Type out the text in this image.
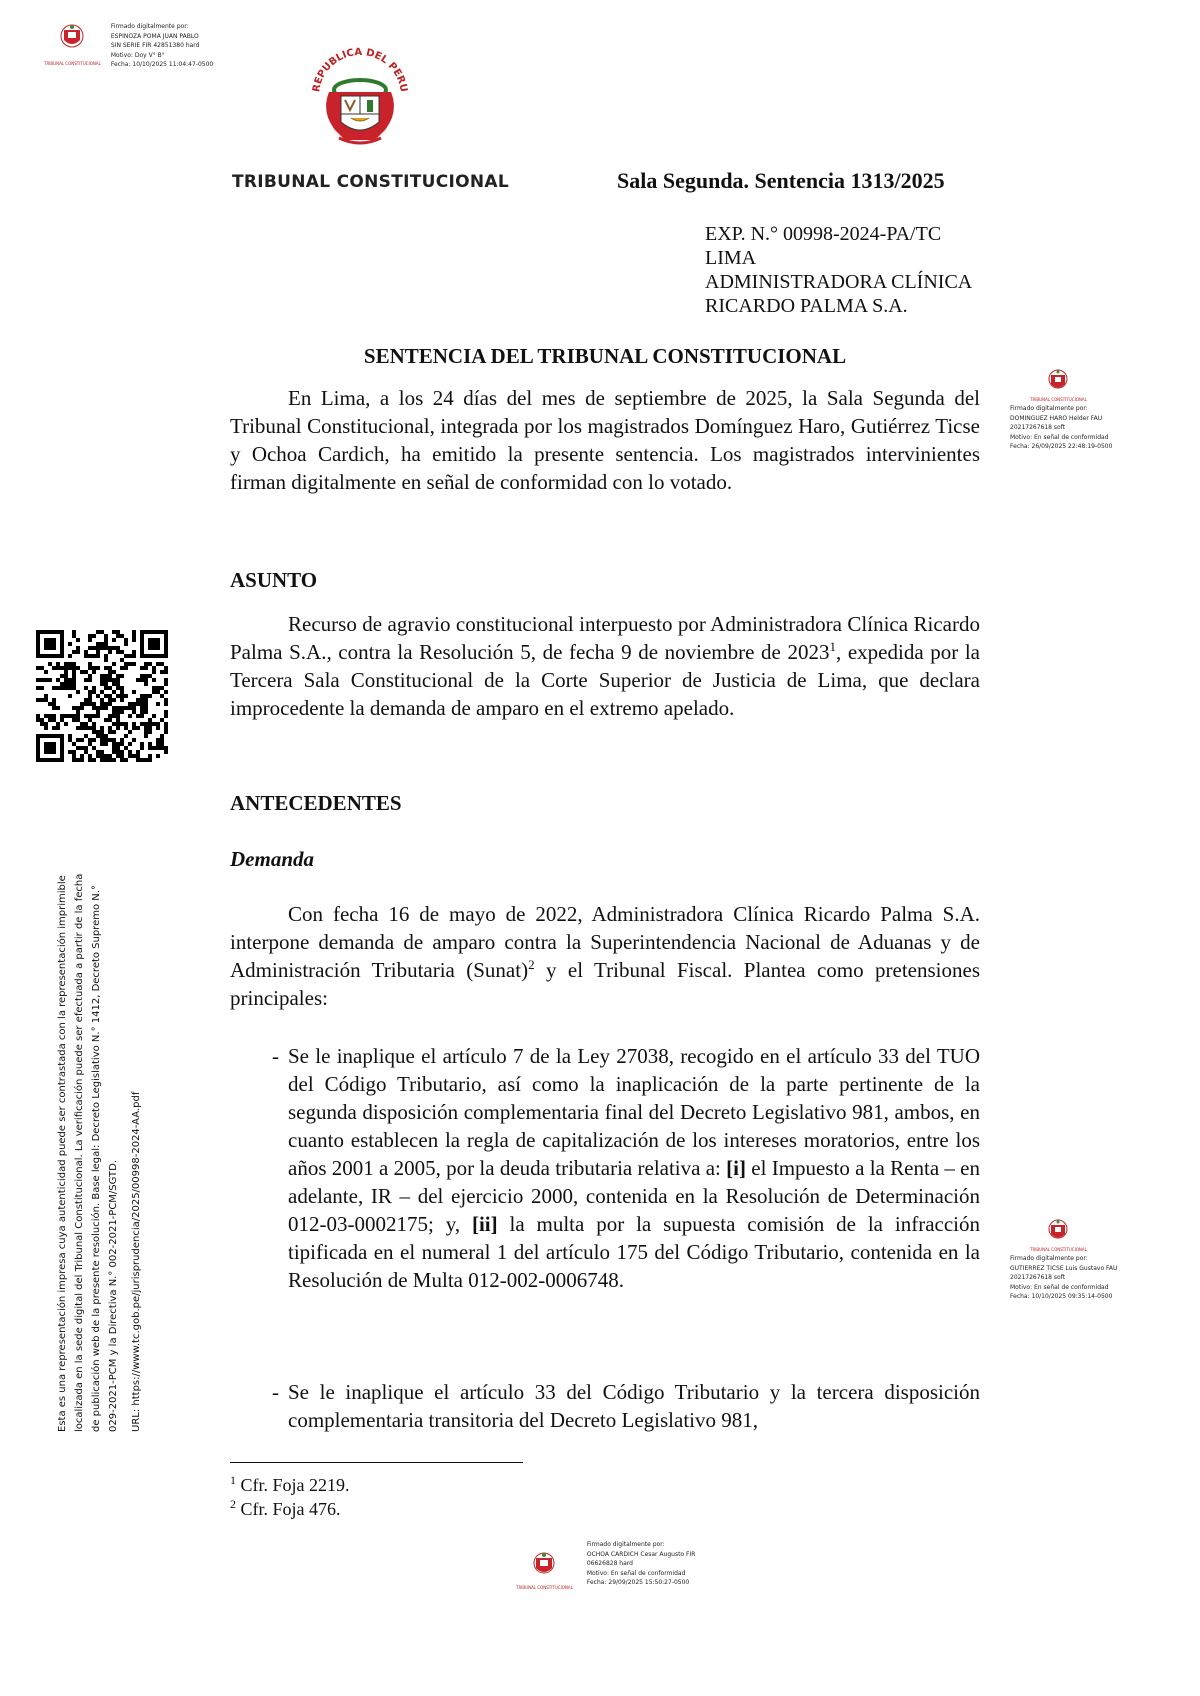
TRIBUNAL CONSTITUCIONAL
Firmado digitalmente por:
ESPINOZA POMA JUAN PABLO
SIN SERIE FIR 42851380 hard
Motivo: Doy V° B°
Fecha: 10/10/2025 11:04:47-0500
REPUBLICA DEL PERU
TRIBUNAL CONSTITUCIONAL	Sala Segunda. Sentencia 1313/2025
EXP. N.° 00998-2024-PA/TC
LIMA
ADMINISTRADORA CLÍNICA
RICARDO PALMA S.A.
SENTENCIA DEL TRIBUNAL CONSTITUCIONAL

En Lima, a los 24 días del mes de septiembre de 2025, la Sala Segunda del Tribunal Constitucional, integrada por los magistrados Domínguez Haro, Gutiérrez Ticse y Ochoa Cardich, ha emitido la presente sentencia. Los magistrados intervinientes firman digitalmente en señal de conformidad con lo votado.

ASUNTO

Recurso de agravio constitucional interpuesto por Administradora Clínica Ricardo Palma S.A., contra la Resolución 5, de fecha 9 de noviembre de 2023$^1$, expedida por la Tercera Sala Constitucional de la Corte Superior de Justicia de Lima, que declara improcedente la demanda de amparo en el extremo apelado.

ANTECEDENTES
Demanda

Con fecha 16 de mayo de 2022, Administradora Clínica Ricardo Palma S.A. interpone demanda de amparo contra la Superintendencia Nacional de Aduanas y de Administración Tributaria (Sunat)$^2$ y el Tribunal Fiscal. Plantea como pretensiones principales:

- Se le inaplique el artículo 7 de la Ley 27038, recogido en el artículo 33 del TUO del Código Tributario, así como la inaplicación de la parte pertinente de la segunda disposición complementaria final del Decreto Legislativo 981, ambos, en cuanto establecen la regla de capitalización de los intereses moratorios, entre los años 2001 a 2005, por la deuda tributaria relativa a: [i] el Impuesto a la Renta – en adelante, IR – del ejercicio 2000, contenida en la Resolución de Determinación 012-03-0002175; y, [ii] la multa por la supuesta comisión de la infracción tipificada en el numeral 1 del artículo 175 del Código Tributario, contenida en la Resolución de Multa 012-002-0006748.
- Se le inaplique el artículo 33 del Código Tributario y la tercera disposición complementaria transitoria del Decreto Legislativo 981,
$^1$ Cfr. Foja 2219.
$^2$ Cfr. Foja 476.
TRIBUNAL CONSTITUCIONAL
Firmado digitalmente por:
DOMINGUEZ HARO Helder FAU
20217267618 soft
Motivo: En señal de conformidad
Fecha: 26/09/2025 22:48:19-0500
TRIBUNAL CONSTITUCIONAL
Firmado digitalmente por:
GUTIERREZ TICSE Luis Gustavo FAU
20217267618 soft
Motivo: En señal de conformidad
Fecha: 10/10/2025 09:35:14-0500
TRIBUNAL CONSTITUCIONAL
Firmado digitalmente por:
OCHOA CARDICH Cesar Augusto FIR
06626828 hard
Motivo: En señal de conformidad
Fecha: 29/09/2025 15:50:27-0500
Esta es una representación impresa cuya autenticidad puede ser contrastada con la representación imprimible localizada en la sede digital del Tribunal Constitucional. La verificación puede ser efectuada a partir de la fecha de publicación web de la presente resolución. Base legal: Decreto Legislativo N.° 1412, Decreto Supremo N.° 029-2021-PCM y la Directiva N.° 002-2021-PCM/SGTD.	URL: https://www.tc.gob.pe/jurisprudencia/2025/00998-2024-AA.pdf
